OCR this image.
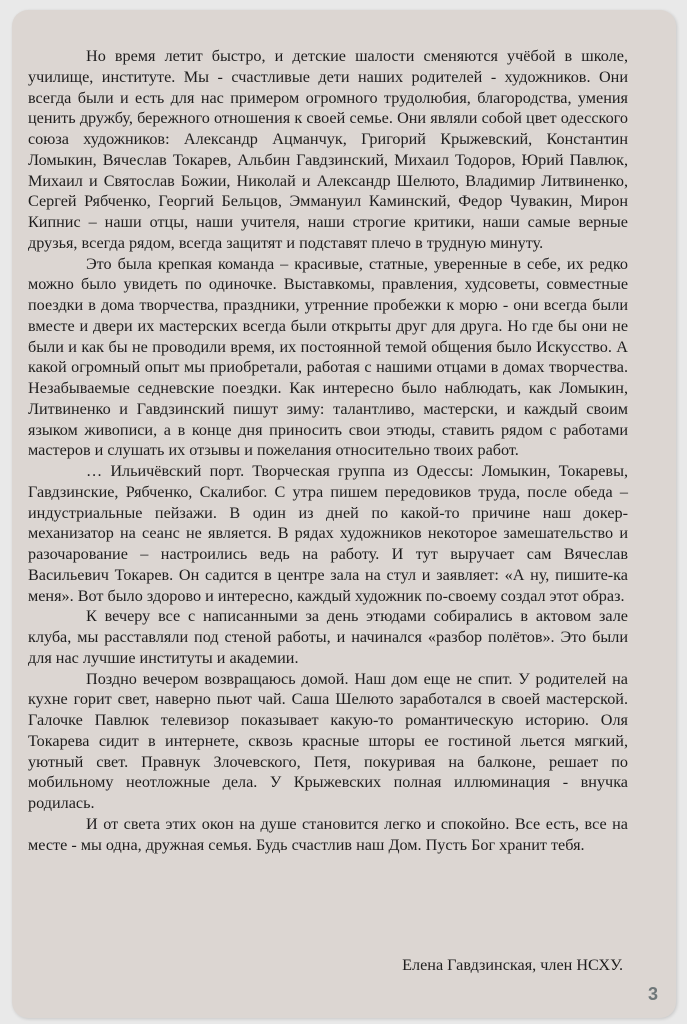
Но время летит быстро, и детские шалости сменяются учёбой в школе, училище, институте. Мы - счастливые дети наших родителей - художников. Они всегда были и есть для нас примером огромного трудолюбия, благородства, умения ценить дружбу, бережного отношения к своей семье. Они являли собой цвет одесского союза художников: Александр Ацманчук, Григорий Крыжевский, Константин Ломыкин, Вячеслав Токарев, Альбин Гавдзинский, Михаил Тодоров, Юрий Павлюк, Михаил и Святослав Божии, Николай и Александр Шелюто, Владимир Литвиненко, Сергей Рябченко, Георгий Бельцов, Эммануил Каминский, Федор Чувакин, Мирон Кипнис – наши отцы, наши учителя, наши строгие критики, наши самые верные друзья, всегда рядом, всегда защитят и подставят плечо в трудную минуту.

Это была крепкая команда – красивые, статные, уверенные в себе, их редко можно было увидеть по одиночке. Выставкомы, правления, худсоветы, совместные поездки в дома творчества, праздники, утренние пробежки к морю - они всегда были вместе и двери их мастерских всегда были открыты друг для друга. Но где бы они не были и как бы не проводили время, их постоянной темой общения было Искусство. А какой огромный опыт мы приобретали, работая с нашими отцами в домах творчества. Незабываемые седневские поездки. Как интересно было наблюдать, как Ломыкин, Литвиненко и Гавдзинский пишут зиму: талантливо, мастерски, и каждый своим языком живописи, а в конце дня приносить свои этюды, ставить рядом с работами мастеров и слушать их отзывы и пожелания относительно твоих работ.

… Ильичёвский порт. Творческая группа из Одессы: Ломыкин, Токаревы, Гавдзинские, Рябченко, Скалибог. С утра пишем передовиков труда, после обеда – индустриальные пейзажи. В один из дней по какой-то причине наш докер-механизатор на сеанс не является. В рядах художников некоторое замешательство и разочарование – настроились ведь на работу. И тут выручает сам Вячеслав Васильевич Токарев. Он садится в центре зала на стул и заявляет: «А ну, пишите-ка меня». Вот было здорово и интересно, каждый художник по-своему создал этот образ.

К вечеру все с написанными за день этюдами собирались в актовом зале клуба, мы расставляли под стеной работы, и начинался «разбор полётов». Это были для нас лучшие институты и академии.

Поздно вечером возвращаюсь домой. Наш дом еще не спит. У родителей на кухне горит свет, наверно пьют чай. Саша Шелюто заработался в своей мастерской. Галочке Павлюк телевизор показывает какую-то романтическую историю. Оля Токарева сидит в интернете, сквозь красные шторы ее гостиной льется мягкий, уютный свет. Правнук Злочевского, Петя, покуривая на балконе, решает по мобильному неотложные дела. У Крыжевских полная иллюминация - внучка родилась.

И от света этих окон на душе становится легко и спокойно. Все есть, все на месте - мы одна, дружная семья. Будь счастлив наш Дом. Пусть Бог хранит тебя.

Елена Гавдзинская, член НСХУ.
3
